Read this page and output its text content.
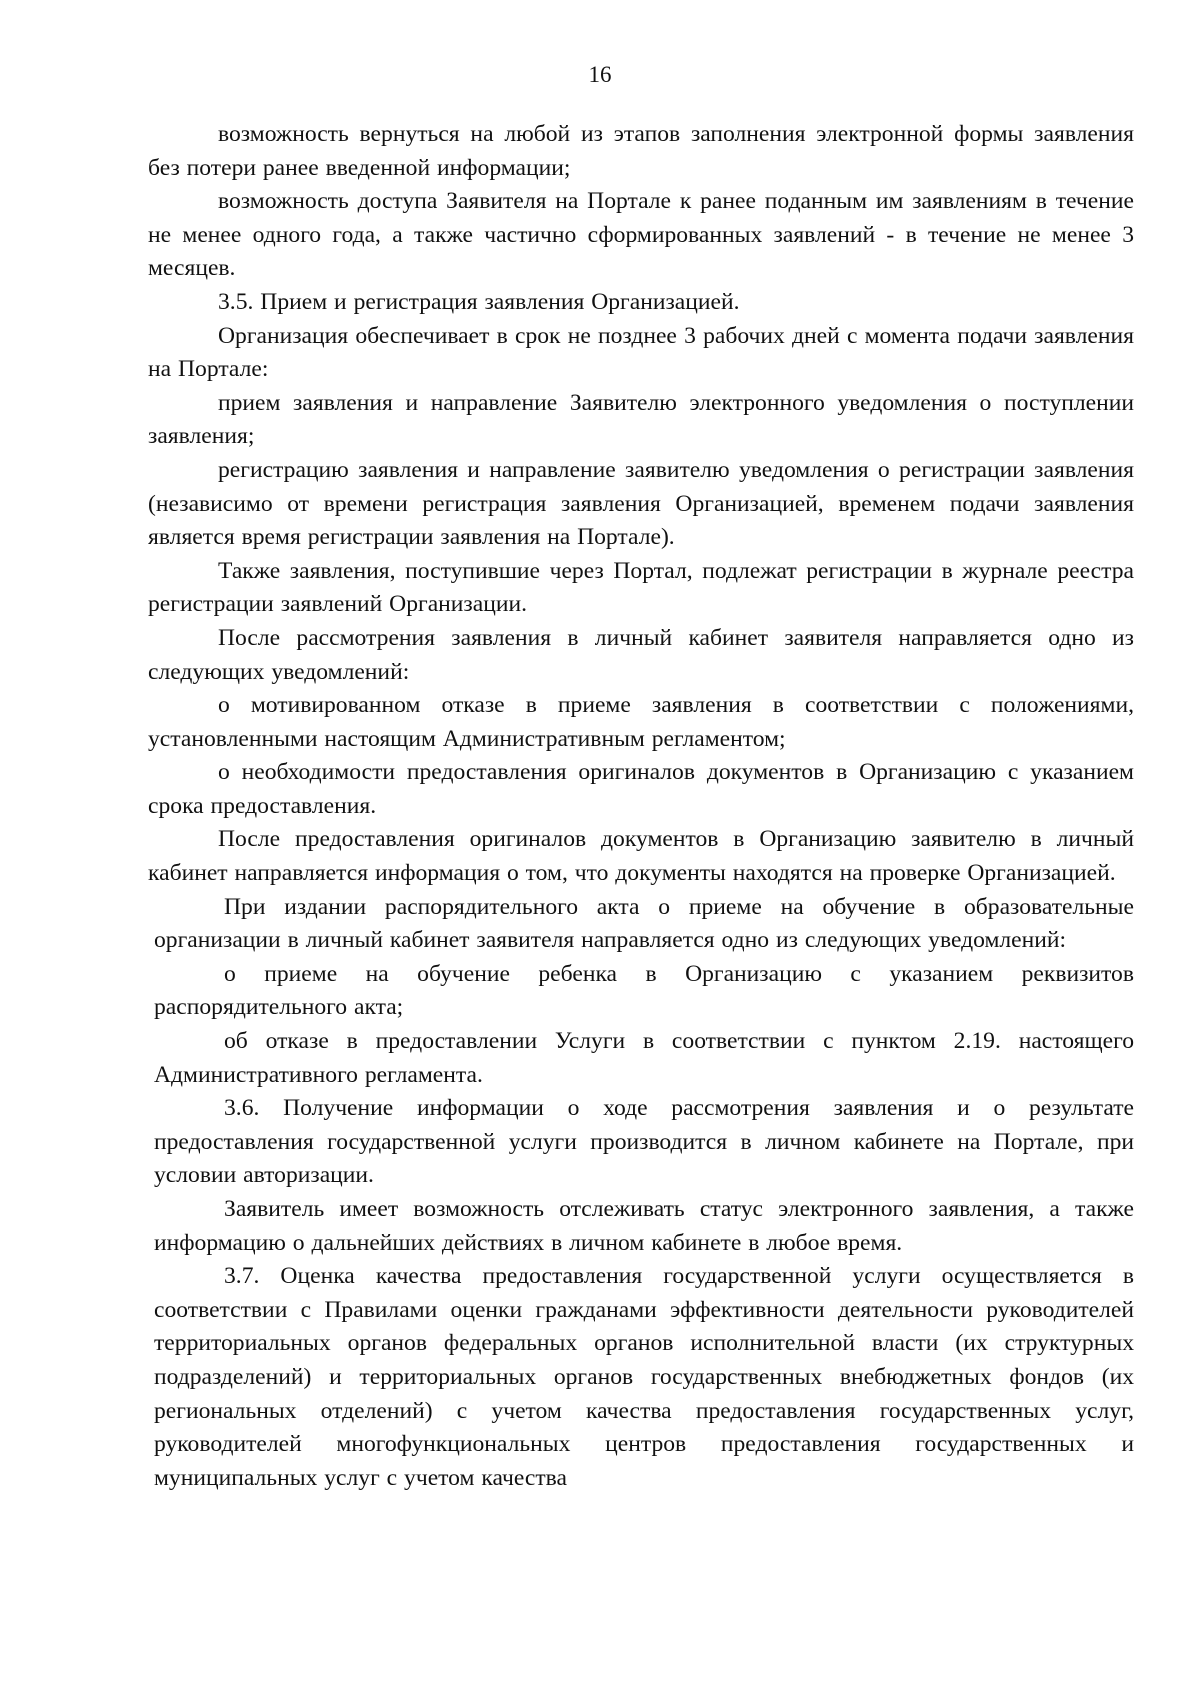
16

возможность вернуться на любой из этапов заполнения электронной формы заявления без потери ранее введенной информации;

возможность доступа Заявителя на Портале к ранее поданным им заявлениям в течение не менее одного года, а также частично сформированных заявлений - в течение не менее 3 месяцев.

3.5. Прием и регистрация заявления Организацией.

Организация обеспечивает в срок не позднее 3 рабочих дней с момента подачи заявления на Портале:

прием заявления и направление Заявителю электронного уведомления о поступлении заявления;

регистрацию заявления и направление заявителю уведомления о регистрации заявления (независимо от времени регистрация заявления Организацией, временем подачи заявления является время регистрации заявления на Портале).

Также заявления, поступившие через Портал, подлежат регистрации в журнале реестра регистрации заявлений Организации.

После рассмотрения заявления в личный кабинет заявителя направляется одно из следующих уведомлений:

о мотивированном отказе в приеме заявления в соответствии с положениями, установленными настоящим Административным регламентом;

о необходимости предоставления оригиналов документов в Организацию с указанием срока предоставления.

После предоставления оригиналов документов в Организацию заявителю в личный кабинет направляется информация о том, что документы находятся на проверке Организацией.

При издании распорядительного акта о приеме на обучение в образовательные организации в личный кабинет заявителя направляется одно из следующих уведомлений:

о приеме на обучение ребенка в Организацию с указанием реквизитов распорядительного акта;

об отказе в предоставлении Услуги в соответствии с пунктом 2.19. настоящего Административного регламента.

3.6. Получение информации о ходе рассмотрения заявления и о результате предоставления государственной услуги производится в личном кабинете на Портале, при условии авторизации.

Заявитель имеет возможность отслеживать статус электронного заявления, а также информацию о дальнейших действиях в личном кабинете в любое время.

3.7. Оценка качества предоставления государственной услуги осуществляется в соответствии с Правилами оценки гражданами эффективности деятельности руководителей территориальных органов федеральных органов исполнительной власти (их структурных подразделений) и территориальных органов государственных внебюджетных фондов (их региональных отделений) с учетом качества предоставления государственных услуг, руководителей многофункциональных центров предоставления государственных и муниципальных услуг с учетом качества
